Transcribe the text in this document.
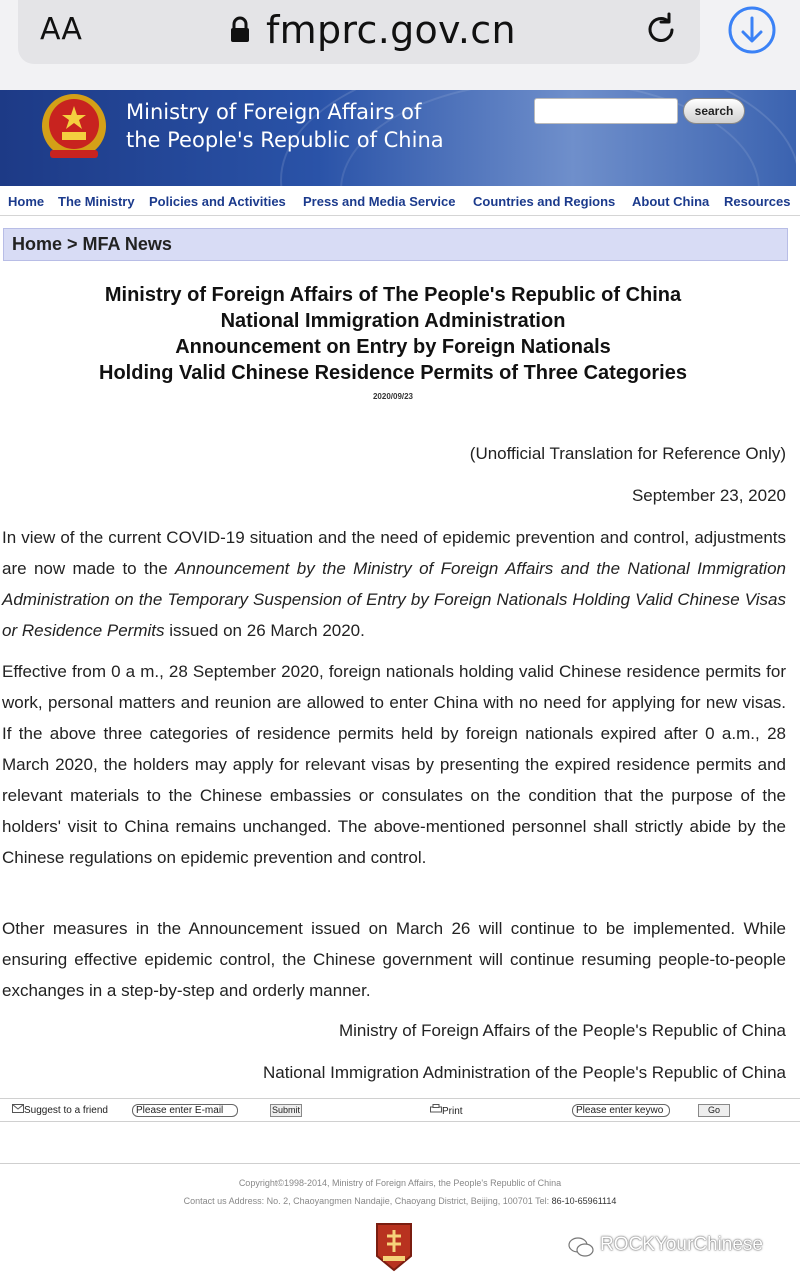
AA	fmprc.gov.cn
Ministry of Foreign Affairs of
the People's Republic of China
search
Home The Ministry Policies and Activities Press and Media Service Countries and Regions About China Resources
Home > MFA News
Ministry of Foreign Affairs of The People's Republic of China
National Immigration Administration
Announcement on Entry by Foreign Nationals
Holding Valid Chinese Residence Permits of Three Categories
2020/09/23
(Unofficial Translation for Reference Only)
September 23, 2020
In view of the current COVID-19 situation and the need of epidemic prevention and control, adjustments are now made to the Announcement by the Ministry of Foreign Affairs and the National Immigration Administration on the Temporary Suspension of Entry by Foreign Nationals Holding Valid Chinese Visas or Residence Permits issued on 26 March 2020.
Effective from 0 a m., 28 September 2020, foreign nationals holding valid Chinese residence permits for work, personal matters and reunion are allowed to enter China with no need for applying for new visas. If the above three categories of residence permits held by foreign nationals expired after 0 a.m., 28 March 2020, the holders may apply for relevant visas by presenting the expired residence permits and relevant materials to the Chinese embassies or consulates on the condition that the purpose of the holders' visit to China remains unchanged. The above-mentioned personnel shall strictly abide by the Chinese regulations on epidemic prevention and control.
Other measures in the Announcement issued on March 26 will continue to be implemented. While ensuring effective epidemic control, the Chinese government will continue resuming people-to-people exchanges in a step-by-step and orderly manner.
Ministry of Foreign Affairs of the People's Republic of China
National Immigration Administration of the People's Republic of China
Suggest to a friend	Please enter E-mail	Submit	Print	Please enter keywo	Go
Copyright©1998-2014, Ministry of Foreign Affairs, the People's Republic of China
Contact us Address: No. 2, Chaoyangmen Nandajie, Chaoyang District, Beijing, 100701 Tel: 86-10-65961114
ROCKYourChinese
